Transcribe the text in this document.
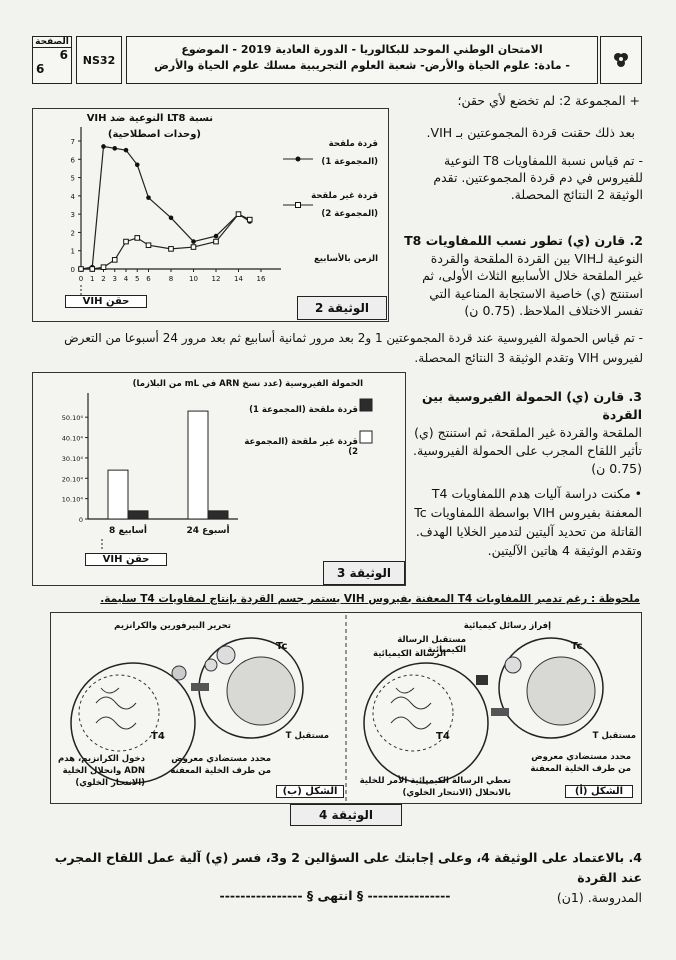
الصفحة
6
6
NS32
الامتحان الوطني الموحد للبكالوريا - الدورة العادية 2019 - الموضوع
- مادة: علوم الحياة والأرض- شعبة العلوم التجريبية مسلك علوم الحياة والأرض
+ المجموعة 2: لم تخضع لأي حقن؛
بعد ذلك حقنت قردة المجموعتين بـ VIH.
- تم قياس نسبة اللمفاويات T8 النوعية للفيروس في دم قردة المجموعتين. تقدم الوثيقة 2 النتائج المحصلة.
2. قارن (ي) تطور نسب اللمفاويات T8
النوعية لـVIH بين القردة الملقحة والقردة
غير الملقحة خلال الأسابيع الثلاث الأولى، ثم
استنتج (ي) خاصية الاستجابة المناعية التي
تفسر الاختلاف الملاحظ. (0.75 ن)
نسبة LT8 النوعية ضد VIH
(وحدات اصطلاحية)
0
1
2
3
4
5
6
7
0 1 2 3 4 5 6	8 10 12 14 16
قردة ملقحة
(المجموعة 1)
قردة غير ملقحة
(المجموعة 2)
الزمن بالأسابيع
حقن VIH	الوثيقة 2
- تم قياس الحمولة الفيروسية عند قردة المجموعتين 1 و2 بعد مرور ثمانية أسابيع ثم بعد مرور 24 أسبوعا من التعرض
لفيروس VIH وتقدم الوثيقة 3 النتائج المحصلة.
الحمولة الفيروسية (عدد نسخ ARN في mL من البلازما)
0
10.10⁴
20.10⁴
30.10⁴
40.10⁴
50.10⁴
8 أسابيع	24 أسبوع
قردة ملقحة (المجموعة 1)
قردة غير ملقحة (المجموعة 2)
حقن VIH
الوثيقة 3
3. قارن (ي) الحمولة الفيروسية بين القردة
الملقحة والقردة غير الملقحة، ثم استنتج (ي)
تأثير اللقاح المجرب على الحمولة الفيروسية.
(0.75 ن)
• مكنت دراسة آليات هدم اللمفاويات T4
المعفنة بفيروس VIH بواسطة اللمفاويات Tc
القاتلة من تحديد آليتين لتدمير الخلايا الهدف.
وتقدم الوثيقة 4 هاتين الآليتين.
ملحوظة : رغم تدمير اللمفاويات T4 المعفنة بفيروس VIH يستمر جسم القردة بإنتاج لمفاويات T4 سليمة.
Tc
T4
Tc
T4
تحرير البيرفورين والكرانزيم
دخول الكرانزيم، هدم
ADN وانحلال الخلية
(الانتحار الخلوي)
محدد مستضادي معروض
من طرف الخلية المعفنة
مستقبل T
الشكل (ب)
إفراز رسائل كيميائية
مستقبل الرسالة الكيميائية
الرسالة الكيميائية
مستقبل T
محدد مستضادي معروض
من طرف الخلية المعفنة
تعطي الرسالة الكيميائية الأمر للخلية
بالانحلال (الانتحار الخلوي)	الشكل (أ)
الوثيقة 4
4. بالاعتماد على الوثيقة 4، وعلى إجابتك على السؤالين 2 و3، فسر (ي) آلية عمل اللقاح المجرب عند القردة
المدروسة. (1ن)
---------------- § انتهى § ----------------
